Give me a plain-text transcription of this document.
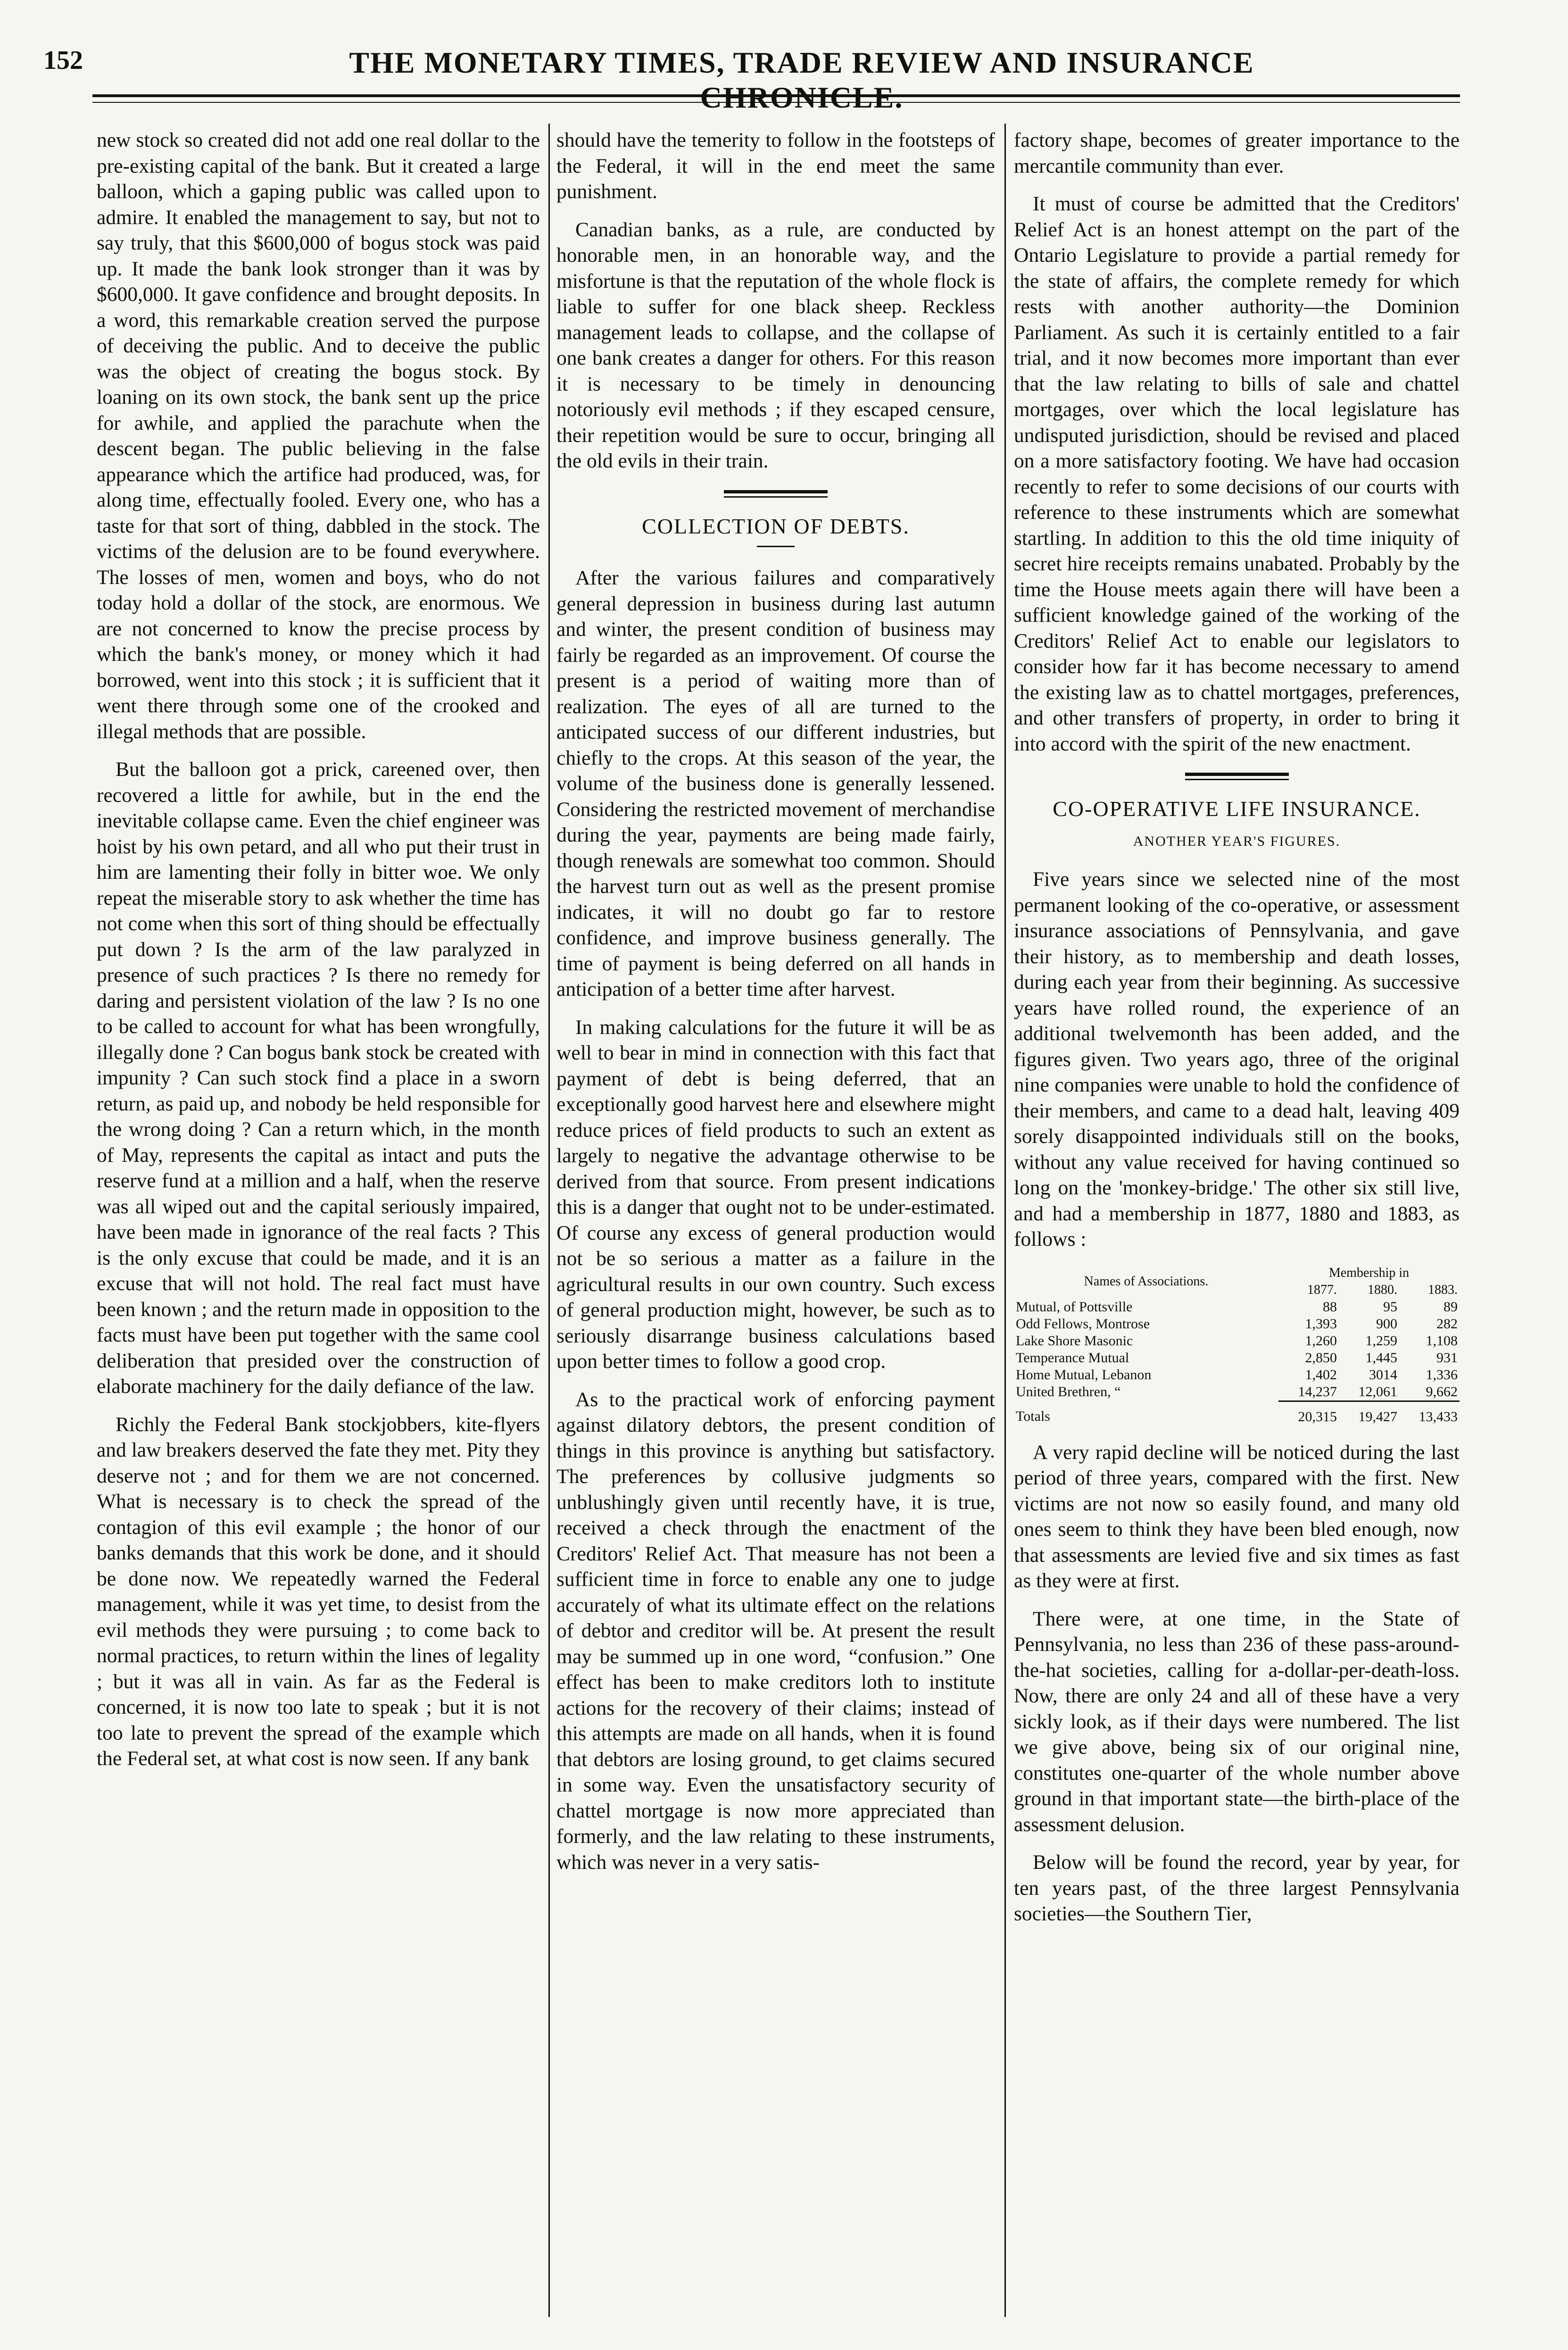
152	THE MONETARY TIMES, TRADE REVIEW AND INSURANCE CHRONICLE.

new stock so created did not add one real dollar to the pre-existing capital of the bank. But it created a large balloon, which a gaping public was called upon to admire. It enabled the management to say, but not to say truly, that this $600,000 of bogus stock was paid up. It made the bank look stronger than it was by $600,000. It gave confidence and brought deposits. In a word, this remarkable creation served the purpose of deceiving the public. And to deceive the public was the object of creating the bogus stock. By loaning on its own stock, the bank sent up the price for awhile, and applied the parachute when the descent began. The public believing in the false appearance which the artifice had produced, was, for along time, effectually fooled. Every one, who has a taste for that sort of thing, dabbled in the stock. The victims of the delusion are to be found everywhere. The losses of men, women and boys, who do not today hold a dollar of the stock, are enormous. We are not concerned to know the precise process by which the bank's money, or money which it had borrowed, went into this stock ; it is sufficient that it went there through some one of the crooked and illegal methods that are possible.

But the balloon got a prick, careened over, then recovered a little for awhile, but in the end the inevitable collapse came. Even the chief engineer was hoist by his own petard, and all who put their trust in him are lamenting their folly in bitter woe. We only repeat the miserable story to ask whether the time has not come when this sort of thing should be effectually put down ? Is the arm of the law paralyzed in presence of such practices ? Is there no remedy for daring and persistent violation of the law ? Is no one to be called to account for what has been wrongfully, illegally done ? Can bogus bank stock be created with impunity ? Can such stock find a place in a sworn return, as paid up, and nobody be held responsible for the wrong doing ? Can a return which, in the month of May, represents the capital as intact and puts the reserve fund at a million and a half, when the reserve was all wiped out and the capital seriously impaired, have been made in ignorance of the real facts ? This is the only excuse that could be made, and it is an excuse that will not hold. The real fact must have been known ; and the return made in opposition to the facts must have been put together with the same cool deliberation that presided over the construction of elaborate machinery for the daily defiance of the law.

Richly the Federal Bank stockjobbers, kite-flyers and law breakers deserved the fate they met. Pity they deserve not ; and for them we are not concerned. What is necessary is to check the spread of the contagion of this evil example ; the honor of our banks demands that this work be done, and it should be done now. We repeatedly warned the Federal management, while it was yet time, to desist from the evil methods they were pursuing ; to come back to normal practices, to return within the lines of legality ; but it was all in vain. As far as the Federal is concerned, it is now too late to speak ; but it is not too late to prevent the spread of the example which the Federal set, at what cost is now seen. If any bank

should have the temerity to follow in the footsteps of the Federal, it will in the end meet the same punishment.

Canadian banks, as a rule, are conducted by honorable men, in an honorable way, and the misfortune is that the reputation of the whole flock is liable to suffer for one black sheep. Reckless management leads to collapse, and the collapse of one bank creates a danger for others. For this reason it is necessary to be timely in denouncing notoriously evil methods ; if they escaped censure, their repetition would be sure to occur, bringing all the old evils in their train.

COLLECTION OF DEBTS.

After the various failures and comparatively general depression in business during last autumn and winter, the present condition of business may fairly be regarded as an improvement. Of course the present is a period of waiting more than of realization. The eyes of all are turned to the anticipated success of our different industries, but chiefly to the crops. At this season of the year, the volume of the business done is generally lessened. Considering the restricted movement of merchandise during the year, payments are being made fairly, though renewals are somewhat too common. Should the harvest turn out as well as the present promise indicates, it will no doubt go far to restore confidence, and improve business generally. The time of payment is being deferred on all hands in anticipation of a better time after harvest.

In making calculations for the future it will be as well to bear in mind in connection with this fact that payment of debt is being deferred, that an exceptionally good harvest here and elsewhere might reduce prices of field products to such an extent as largely to negative the advantage otherwise to be derived from that source. From present indications this is a danger that ought not to be under-estimated. Of course any excess of general production would not be so serious a matter as a failure in the agricultural results in our own country. Such excess of general production might, however, be such as to seriously disarrange business calculations based upon better times to follow a good crop.

As to the practical work of enforcing payment against dilatory debtors, the present condition of things in this province is anything but satisfactory. The preferences by collusive judgments so unblushingly given until recently have, it is true, received a check through the enactment of the Creditors' Relief Act. That measure has not been a sufficient time in force to enable any one to judge accurately of what its ultimate effect on the relations of debtor and creditor will be. At present the result may be summed up in one word, “confusion.” One effect has been to make creditors loth to institute actions for the recovery of their claims; instead of this attempts are made on all hands, when it is found that debtors are losing ground, to get claims secured in some way. Even the unsatisfactory security of chattel mortgage is now more appreciated than formerly, and the law relating to these instruments, which was never in a very satis-

factory shape, becomes of greater importance to the mercantile community than ever.

It must of course be admitted that the Creditors' Relief Act is an honest attempt on the part of the Ontario Legislature to provide a partial remedy for the state of affairs, the complete remedy for which rests with another authority—the Dominion Parliament. As such it is certainly entitled to a fair trial, and it now becomes more important than ever that the law relating to bills of sale and chattel mortgages, over which the local legislature has undisputed jurisdiction, should be revised and placed on a more satisfactory footing. We have had occasion recently to refer to some decisions of our courts with reference to these instruments which are somewhat startling. In addition to this the old time iniquity of secret hire receipts remains unabated. Probably by the time the House meets again there will have been a sufficient knowledge gained of the working of the Creditors' Relief Act to enable our legislators to consider how far it has become necessary to amend the existing law as to chattel mortgages, preferences, and other transfers of property, in order to bring it into accord with the spirit of the new enactment.

CO-OPERATIVE LIFE INSURANCE.
ANOTHER YEAR'S FIGURES.

Five years since we selected nine of the most permanent looking of the co-operative, or assessment insurance associations of Pennsylvania, and gave their history, as to membership and death losses, during each year from their beginning. As successive years have rolled round, the experience of an additional twelvemonth has been added, and the figures given. Two years ago, three of the original nine companies were unable to hold the confidence of their members, and came to a dead halt, leaving 409 sorely disappointed individuals still on the books, without any value received for having continued so long on the 'monkey-bridge.' The other six still live, and had a membership in 1877, 1880 and 1883, as follows :

Names of Associations.	Membership in		
	1877.	1880.	1883.
Mutual, of Pottsville	88	95	89
Odd Fellows, Montrose	1,393	900	282
Lake Shore Masonic	1,260	1,259	1,108
Temperance Mutual	2,850	1,445	931
Home Mutual, Lebanon	1,402	3014	1,336
United Brethren, “	14,237	12,061	9,662
Totals	20,315	19,427	13,433

A very rapid decline will be noticed during the last period of three years, compared with the first. New victims are not now so easily found, and many old ones seem to think they have been bled enough, now that assessments are levied five and six times as fast as they were at first.

There were, at one time, in the State of Pennsylvania, no less than 236 of these pass-around-the-hat societies, calling for a-dollar-per-death-loss. Now, there are only 24 and all of these have a very sickly look, as if their days were numbered. The list we give above, being six of our original nine, constitutes one-quarter of the whole number above ground in that important state—the birth-place of the assessment delusion.

Below will be found the record, year by year, for ten years past, of the three largest Pennsylvania societies—the Southern Tier,
